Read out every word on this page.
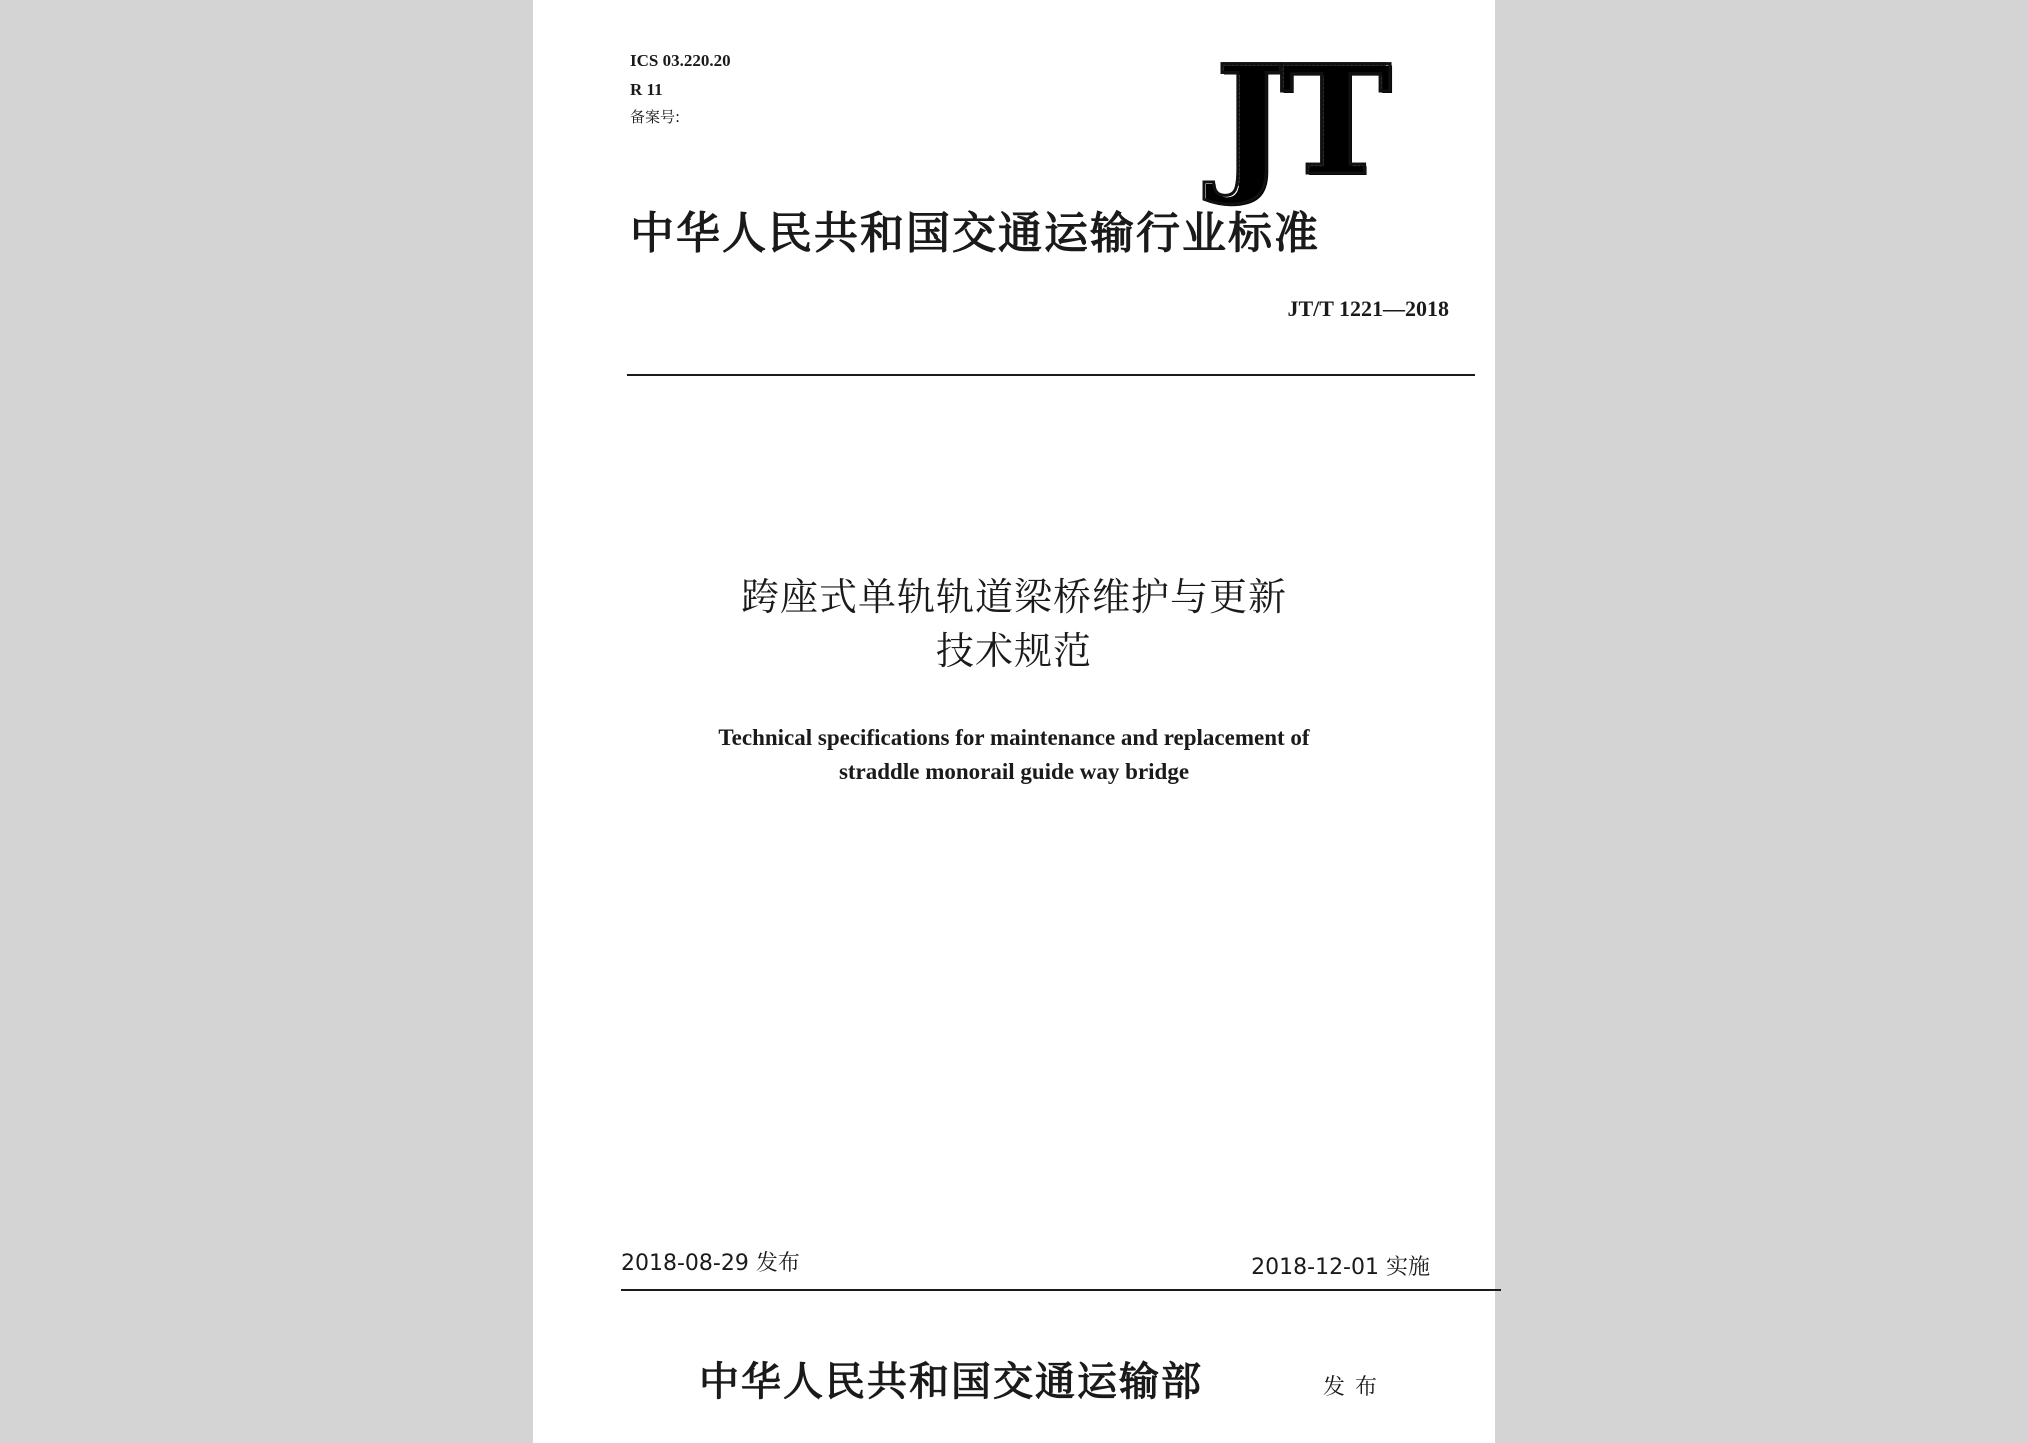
ICS 03.220.20
R 11
备案号:	JT
中华人民共和国交通运输行业标准
JT/T 1221—2018
跨座式单轨轨道梁桥维护与更新
技术规范
Technical specifications for maintenance and replacement of
straddle monorail guide way bridge
2018-08-29 发布	2018-12-01 实施
中华人民共和国交通运输部	发布
